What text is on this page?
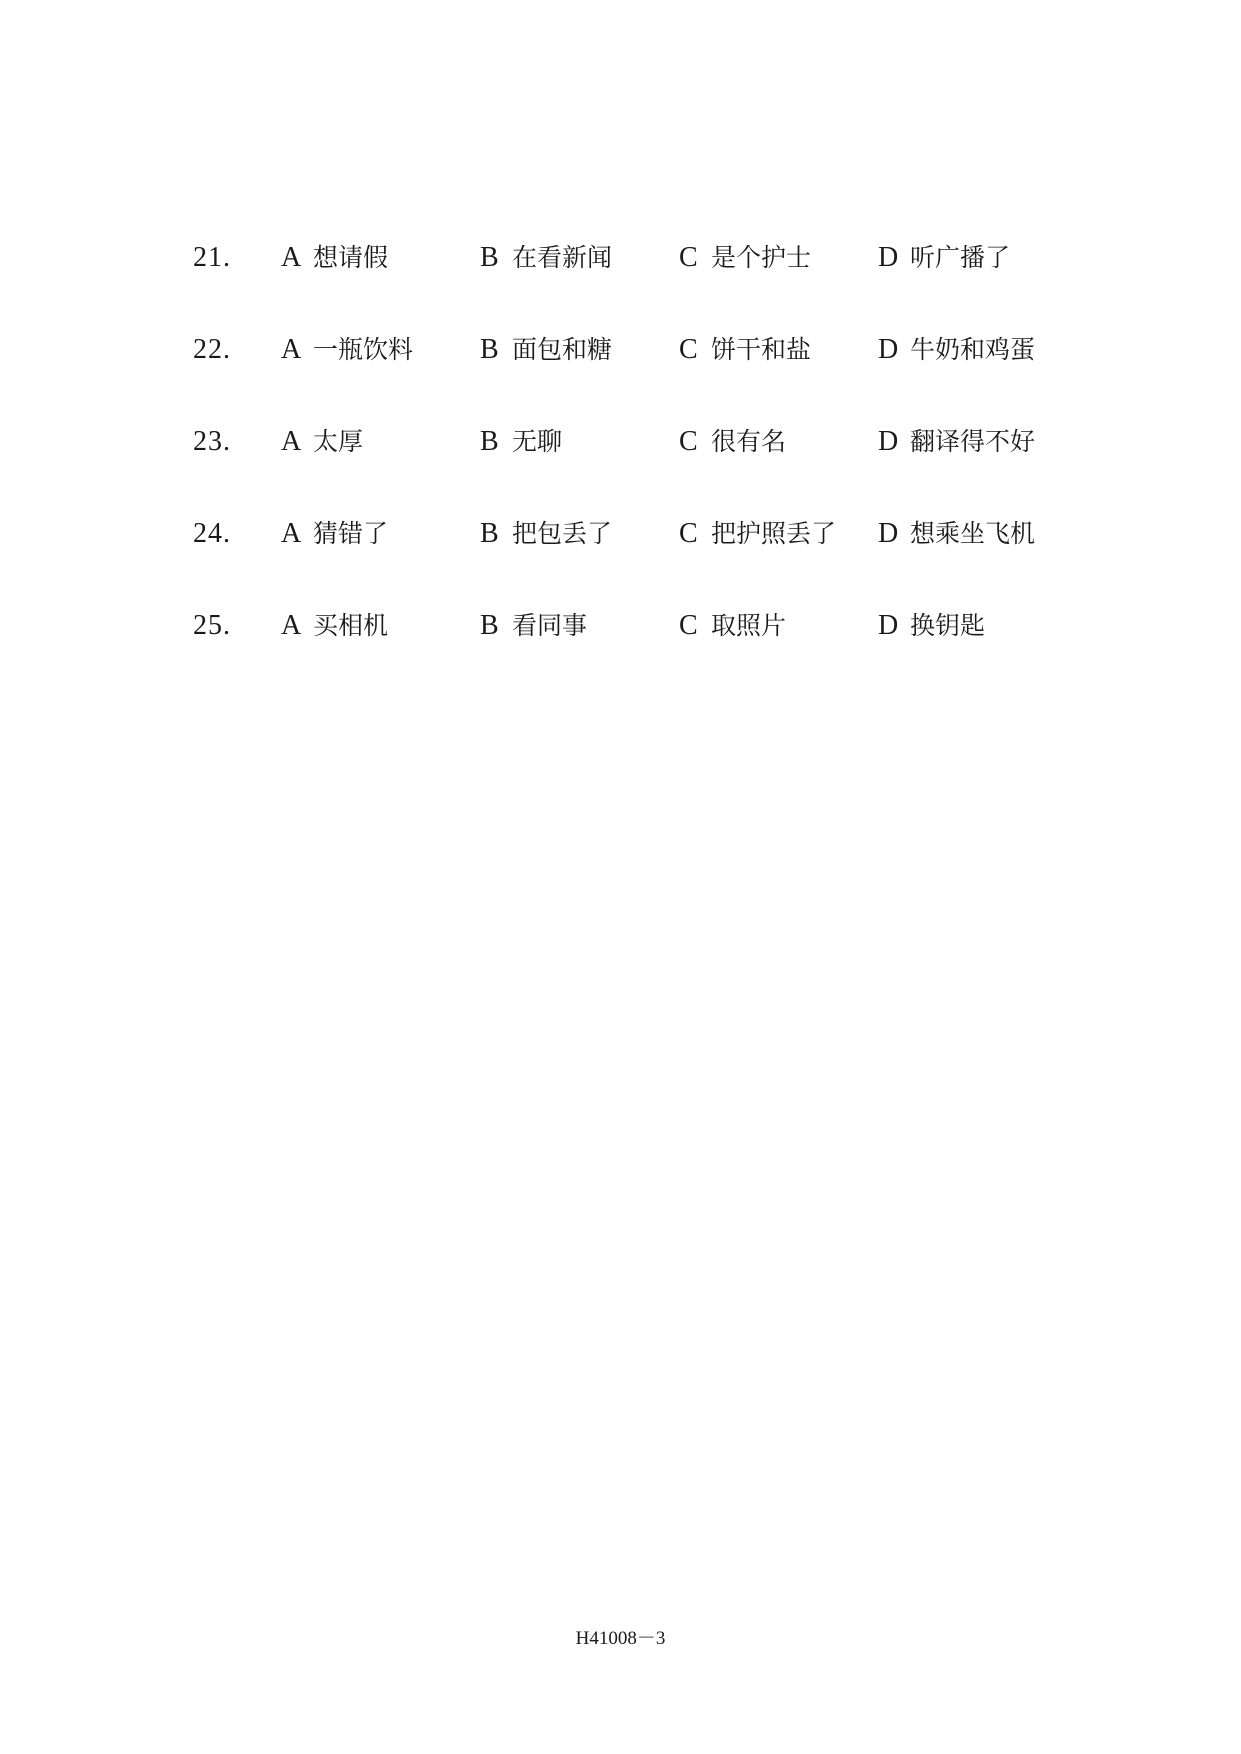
21. A 想请假	B 在看新闻 C 是个护士 D 听广播了
22. A 一瓶饮料 B 面包和糖 C 饼干和盐 D 牛奶和鸡蛋
23. A 太厚	B 无聊	C 很有名	D 翻译得不好
24. A 猜错了	B 把包丢了 C 把护照丢了 D 想乘坐飞机
25. A 买相机	B 看同事	C 取照片	D 换钥匙
H41008－3
